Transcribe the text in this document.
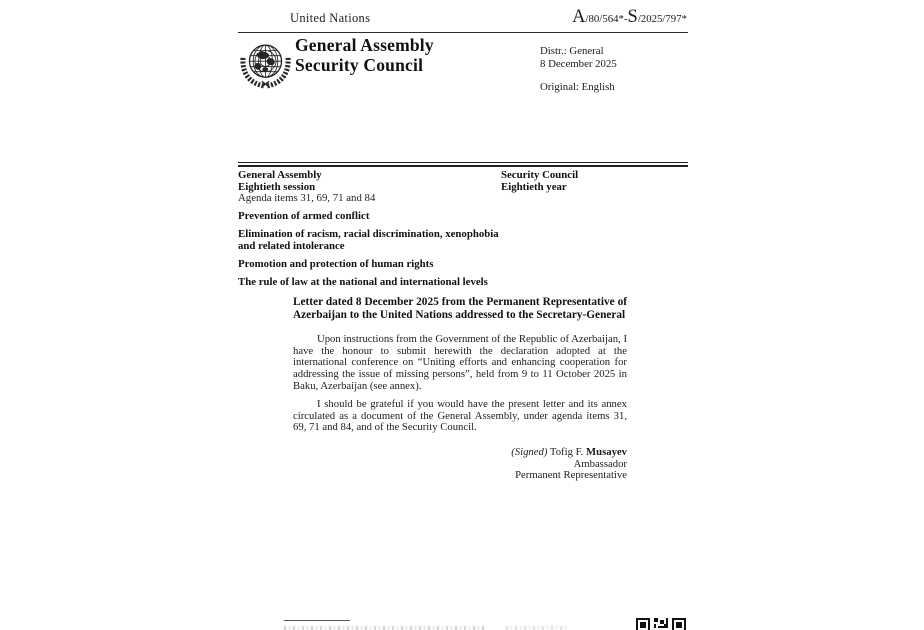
United Nations	A/80/564*-S/2025/797*
General Assembly
Security Council
Distr.: General
8 December 2025
Original: English
General Assembly
Eightieth session
Agenda items 31, 69, 71 and 84
Security Council
Eightieth year
Prevention of armed conflict
Elimination of racism, racial discrimination, xenophobia and related intolerance
Promotion and protection of human rights
The rule of law at the national and international levels
Letter dated 8 December 2025 from the Permanent Representative of Azerbaijan to the United Nations addressed to the Secretary-General

Upon instructions from the Government of the Republic of Azerbaijan, I have the honour to submit herewith the declaration adopted at the international conference on “Uniting efforts and enhancing cooperation for addressing the issue of missing persons”, held from 9 to 11 October 2025 in Baku, Azerbaijan (see annex).

I should be grateful if you would have the present letter and its annex circulated as a document of the General Assembly, under agenda items 31, 69, 71 and 84, and of the Security Council.

(Signed) Tofig F. Musayev
Ambassador
Permanent Representative
